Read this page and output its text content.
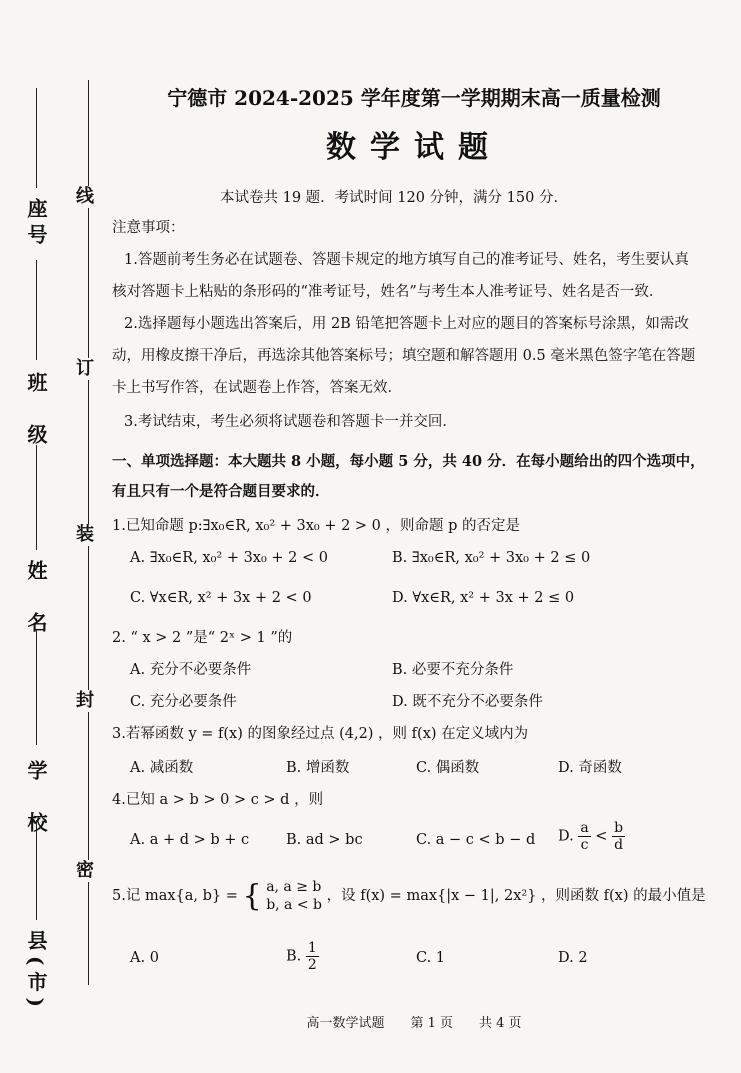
线
订
装
封
密
座号
班　级
姓　名
学　校
县(市)
宁德市 2024-2025 学年度第一学期期末高一质量检测
数学试题
本试卷共 19 题．考试时间 120 分钟，满分 150 分．
注意事项：
1.答题前考生务必在试题卷、答题卡规定的地方填写自己的准考证号、姓名，考生要认真
核对答题卡上粘贴的条形码的“准考证号，姓名”与考生本人准考证号、姓名是否一致．
2.选择题每小题选出答案后，用 2B 铅笔把答题卡上对应的题目的答案标号涂黑，如需改
动，用橡皮擦干净后，再选涂其他答案标号；填空题和解答题用 0.5 毫米黑色签字笔在答题
卡上书写作答，在试题卷上作答，答案无效．
3.考试结束，考生必须将试题卷和答题卡一并交回．
一、单项选择题：本大题共 8 小题，每小题 5 分，共 40 分．在每小题给出的四个选项中，
有且只有一个是符合题目要求的．
1.已知命题 p:∃x₀∈R, x₀² + 3x₀ + 2 > 0 ，则命题 p 的否定是
A. ∃x₀∈R, x₀² + 3x₀ + 2 < 0	B. ∃x₀∈R, x₀² + 3x₀ + 2 ≤ 0
C. ∀x∈R, x² + 3x + 2 < 0	D. ∀x∈R, x² + 3x + 2 ≤ 0
2. “ x > 2 ”是“ 2ˣ > 1 ”的
A. 充分不必要条件	B. 必要不充分条件
C. 充分必要条件	D. 既不充分不必要条件
3.若幂函数 y = f(x) 的图象经过点 (4,2) ，则 f(x) 在定义域内为
A. 减函数	B. 增函数	C. 偶函数	D. 奇函数
4.已知 a > b > 0 > c > d ，则
A. a + d > b + c	B. ad > bc	C. a − c < b − d D. $\frac{a}{c} < \frac{b}{d}$
5.记 max{a, b} = { a, a ≥ b
b, a < b
，设 f(x) = max{|x − 1|, 2x²} ，则函数 f(x) 的最小值是
A. 0	B. $\frac{1}{2}$	C. 1	D. 2
高一数学试题　　第 1 页　　共 4 页
